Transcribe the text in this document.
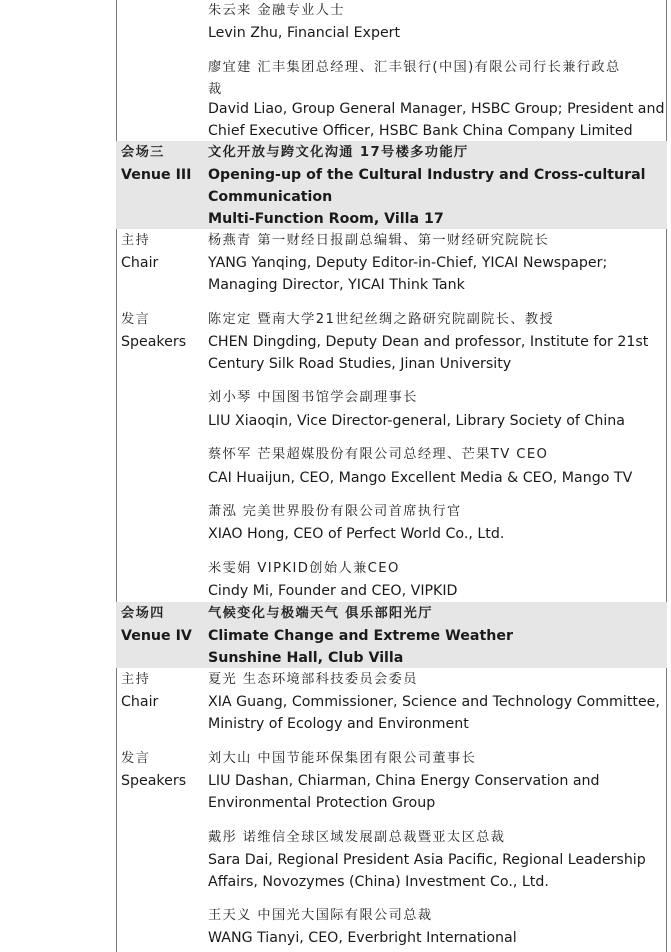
朱云来 金融专业人士
Levin Zhu, Financial Expert
廖宜建 汇丰集团总经理、汇丰银行(中国)有限公司行长兼行政总
裁
David Liao, Group General Manager, HSBC Group; President and
Chief Executive Officer, HSBC Bank China Company Limited
会场三
Venue III
文化开放与跨文化沟通 17号楼多功能厅
Opening-up of the Cultural Industry and Cross-cultural
Communication
Multi-Function Room, Villa 17
主持
Chair
杨燕青 第一财经日报副总编辑、第一财经研究院院长
YANG Yanqing, Deputy Editor-in-Chief, YICAI Newspaper;
Managing Director, YICAI Think Tank
发言
Speakers
陈定定 暨南大学21世纪丝绸之路研究院副院长、教授
CHEN Dingding, Deputy Dean and professor, Institute for 21st
Century Silk Road Studies, Jinan University
刘小琴 中国图书馆学会副理事长
LIU Xiaoqin, Vice Director-general, Library Society of China
蔡怀军 芒果超媒股份有限公司总经理、芒果TV CEO
CAI Huaijun, CEO, Mango Excellent Media & CEO, Mango TV
萧泓 完美世界股份有限公司首席执行官
XIAO Hong, CEO of Perfect World Co., Ltd.
米雯娟 VIPKID创始人兼CEO
Cindy Mi, Founder and CEO, VIPKID
会场四
Venue IV
气候变化与极端天气 俱乐部阳光厅
Climate Change and Extreme Weather
Sunshine Hall, Club Villa
主持
Chair
夏光 生态环境部科技委员会委员
XIA Guang, Commissioner, Science and Technology Committee,
Ministry of Ecology and Environment
发言
Speakers
刘大山 中国节能环保集团有限公司董事长
LIU Dashan, Chiarman, China Energy Conservation and
Environmental Protection Group
戴彤 诺维信全球区域发展副总裁暨亚太区总裁
Sara Dai, Regional President Asia Pacific, Regional Leadership
Affairs, Novozymes (China) Investment Co., Ltd.
王天义 中国光大国际有限公司总裁
WANG Tianyi, CEO, Everbright International
